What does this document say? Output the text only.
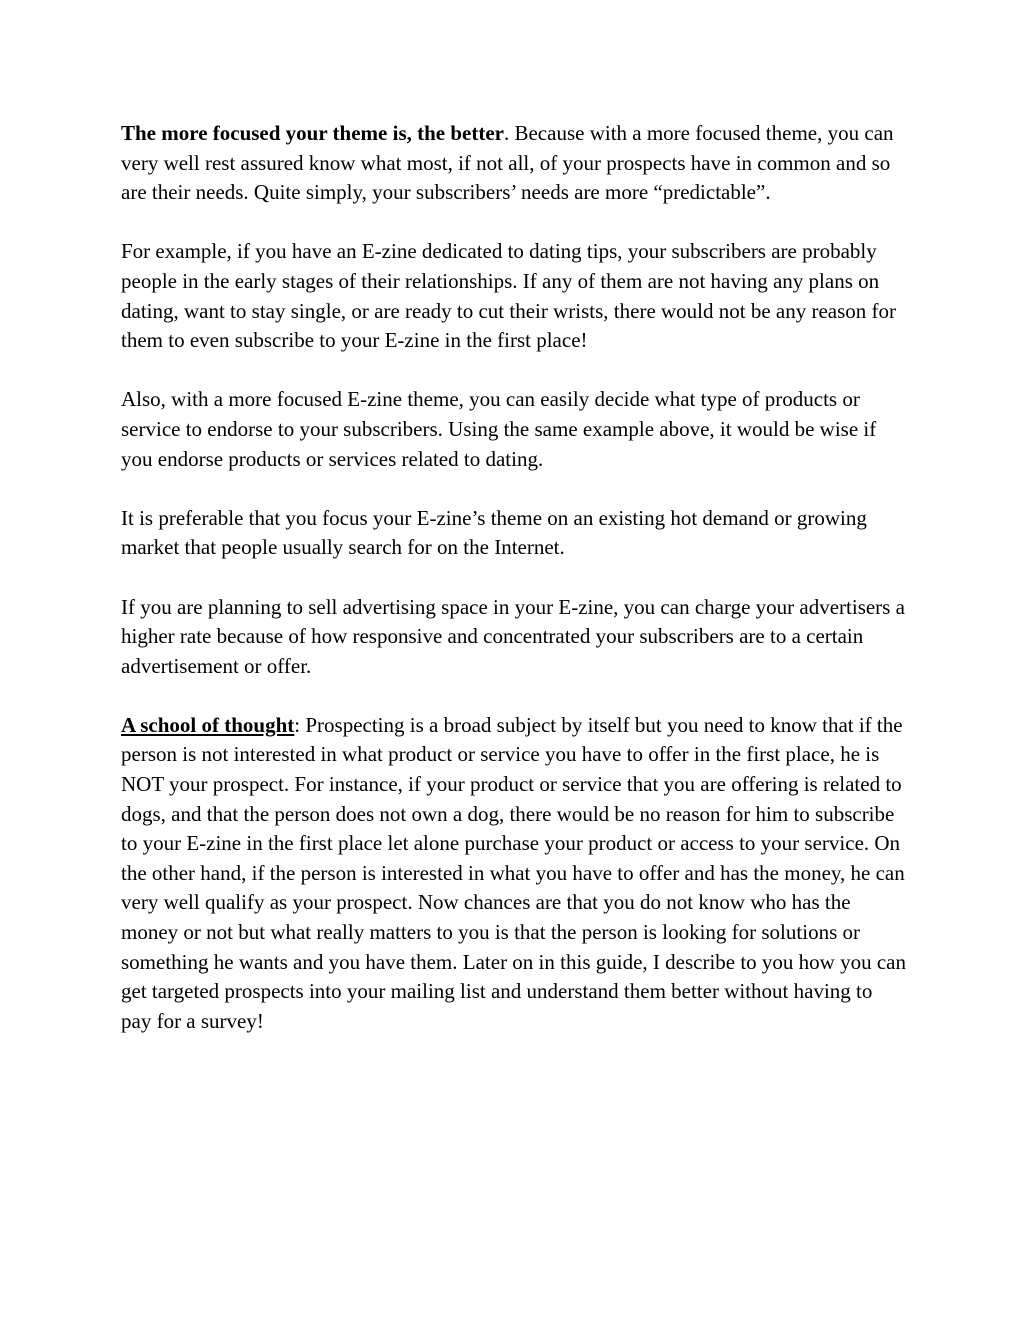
The more focused your theme is, the better. Because with a more focused theme, you can very well rest assured know what most, if not all, of your prospects have in common and so are their needs. Quite simply, your subscribers’ needs are more “predictable”.

For example, if you have an E-zine dedicated to dating tips, your subscribers are probably people in the early stages of their relationships. If any of them are not having any plans on dating, want to stay single, or are ready to cut their wrists, there would not be any reason for them to even subscribe to your E-zine in the first place!

Also, with a more focused E-zine theme, you can easily decide what type of products or service to endorse to your subscribers. Using the same example above, it would be wise if you endorse products or services related to dating.

It is preferable that you focus your E-zine’s theme on an existing hot demand or growing market that people usually search for on the Internet.

If you are planning to sell advertising space in your E-zine, you can charge your advertisers a higher rate because of how responsive and concentrated your subscribers are to a certain advertisement or offer.

A school of thought: Prospecting is a broad subject by itself but you need to know that if the person is not interested in what product or service you have to offer in the first place, he is NOT your prospect. For instance, if your product or service that you are offering is related to dogs, and that the person does not own a dog, there would be no reason for him to subscribe to your E-zine in the first place let alone purchase your product or access to your service. On the other hand, if the person is interested in what you have to offer and has the money, he can very well qualify as your prospect. Now chances are that you do not know who has the money or not but what really matters to you is that the person is looking for solutions or something he wants and you have them. Later on in this guide, I describe to you how you can get targeted prospects into your mailing list and understand them better without having to pay for a survey!
